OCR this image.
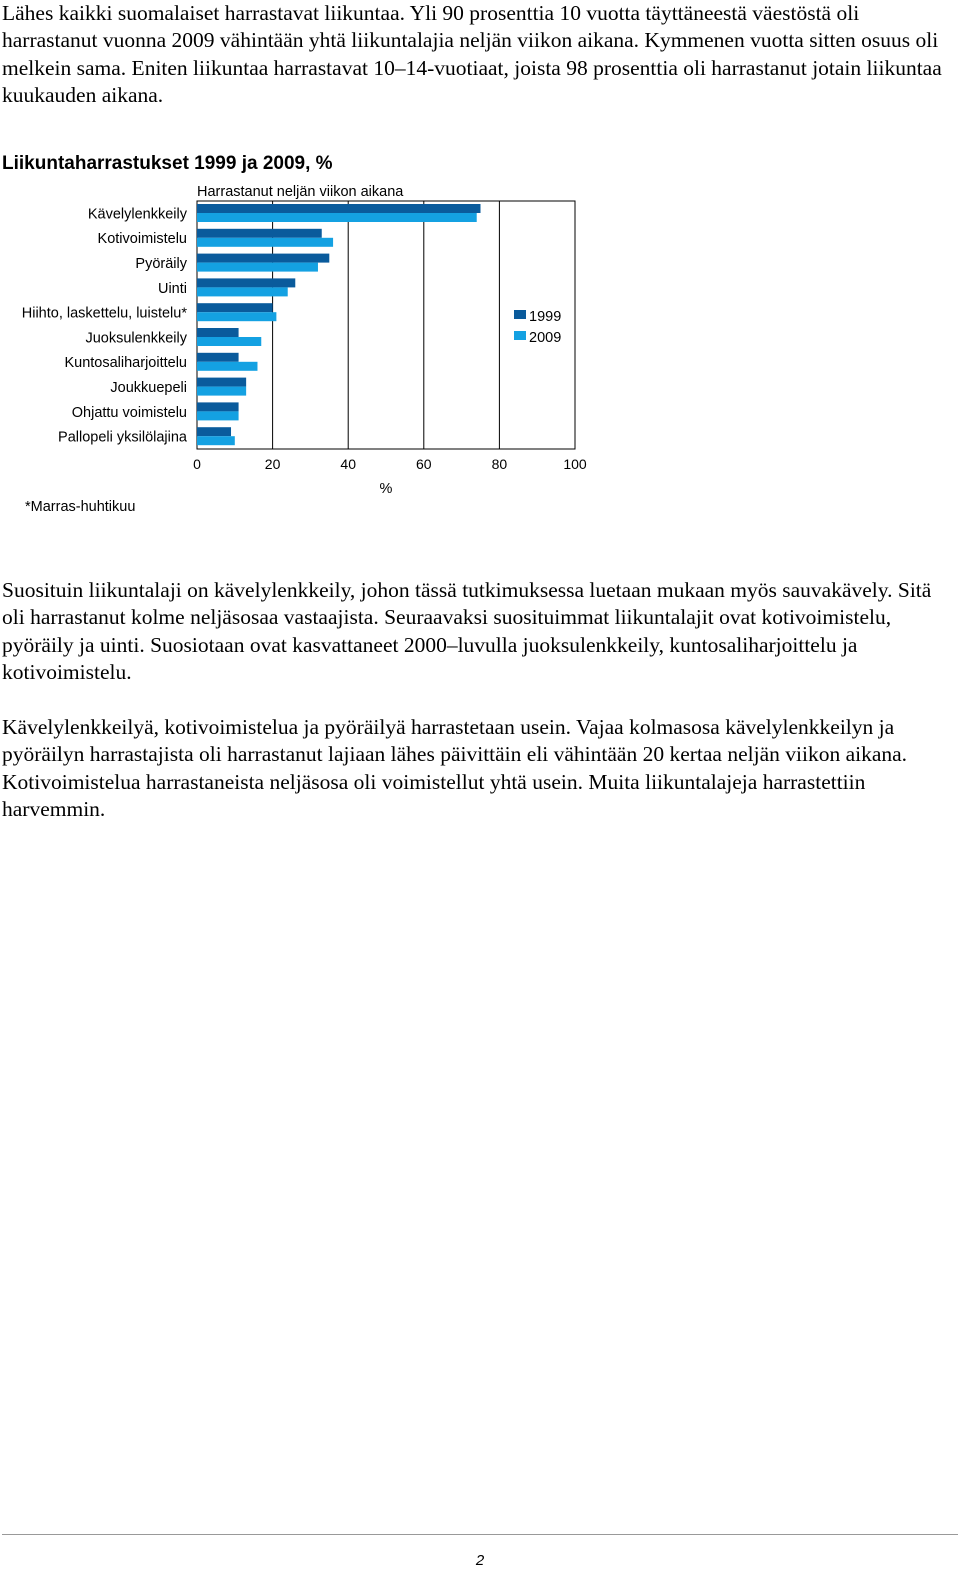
Lähes kaikki suomalaiset harrastavat liikuntaa. Yli 90 prosenttia 10 vuotta täyttäneestä väestöstä oli harrastanut vuonna 2009 vähintään yhtä liikuntalajia neljän viikon aikana. Kymmenen vuotta sitten osuus oli melkein sama. Eniten liikuntaa harrastavat 10–14-vuotiaat, joista 98 prosenttia oli harrastanut jotain liikuntaa kuukauden aikana.

Liikuntaharrastukset 1999 ja 2009, %
Harrastanut neljän viikon aikana
0	20	40	60	80	100
Kävelylenkkeily
Kotivoimistelu
Pyöräily
Uinti
Hiihto, laskettelu, luistelu*
Juoksulenkkeily
Kuntosaliharjoittelu
Joukkuepeli
Ohjattu voimistelu
Pallopeli yksilölajina
1999
2009
%
*Marras-huhtikuu

Suosituin liikuntalaji on kävelylenkkeily, johon tässä tutkimuksessa luetaan mukaan myös sauvakävely. Sitä oli harrastanut kolme neljäsosaa vastaajista. Seuraavaksi suosituimmat liikuntalajit ovat kotivoimistelu, pyöräily ja uinti. Suosiotaan ovat kasvattaneet 2000–luvulla juoksulenkkeily, kuntosaliharjoittelu ja kotivoimistelu.

Kävelylenkkeilyä, kotivoimistelua ja pyöräilyä harrastetaan usein. Vajaa kolmasosa kävelylenkkeilyn ja pyöräilyn harrastajista oli harrastanut lajiaan lähes päivittäin eli vähintään 20 kertaa neljän viikon aikana. Kotivoimistelua harrastaneista neljäsosa oli voimistellut yhtä usein. Muita liikuntalajeja harrastettiin harvemmin.

2
